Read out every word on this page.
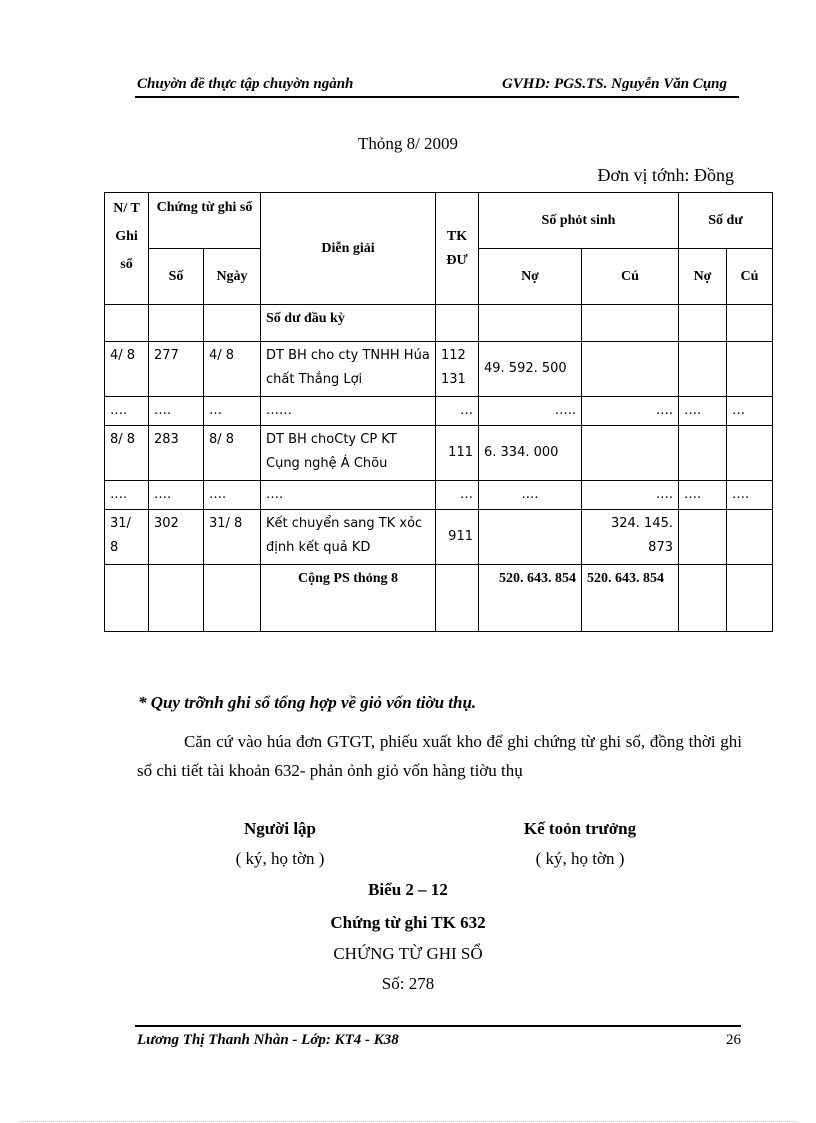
Chuyờn đề thực tập chuyờn ngành	GVHD: PGS.TS. Nguyễn Văn Cụng
Thỏng 8/ 2009
Đơn vị tớnh: Đồng
N/ T Ghi sổ	Chứng từ ghi sổ		Diễn giải	TK ĐƯ	Số phỏt sinh		Số dư	
	Số	Ngày			Nợ	Cú	Nợ	Cú
			Số dư đầu kỳ					
4/ 8	277	4/ 8	DT BH cho cty TNHH Húa chất Thắng Lợi	112 131	49. 592. 500			
….	….	…	……	…	…..	….	….	…
8/ 8	283	8/ 8	DT BH choCty CP KT Cụng nghệ Á Chõu	111	6. 334. 000			
….	….	….	….	…	….	….	….	….
31/ 8	302	31/ 8	Kết chuyển sang TK xỏc định kết quả KD	911		324. 145. 873		
			Cộng PS thỏng 8		520. 643. 854	520. 643. 854		
* Quy trỡnh ghi sổ tổng hợp về giỏ vốn tiờu thụ.
Căn cứ vào húa đơn GTGT, phiếu xuất kho để ghi chứng từ ghi sổ, đồng thời ghi sổ chi tiết tài khoản 632- phản ỏnh giỏ vốn hàng tiờu thụ
Người lập
( ký, họ tờn )
Kế toỏn trưởng
( ký, họ tờn )
Biểu 2 – 12
Chứng từ ghi TK 632
CHỨNG TỪ GHI SỔ
Số: 278
Lương Thị Thanh Nhàn - Lớp: KT4 - K38	26
